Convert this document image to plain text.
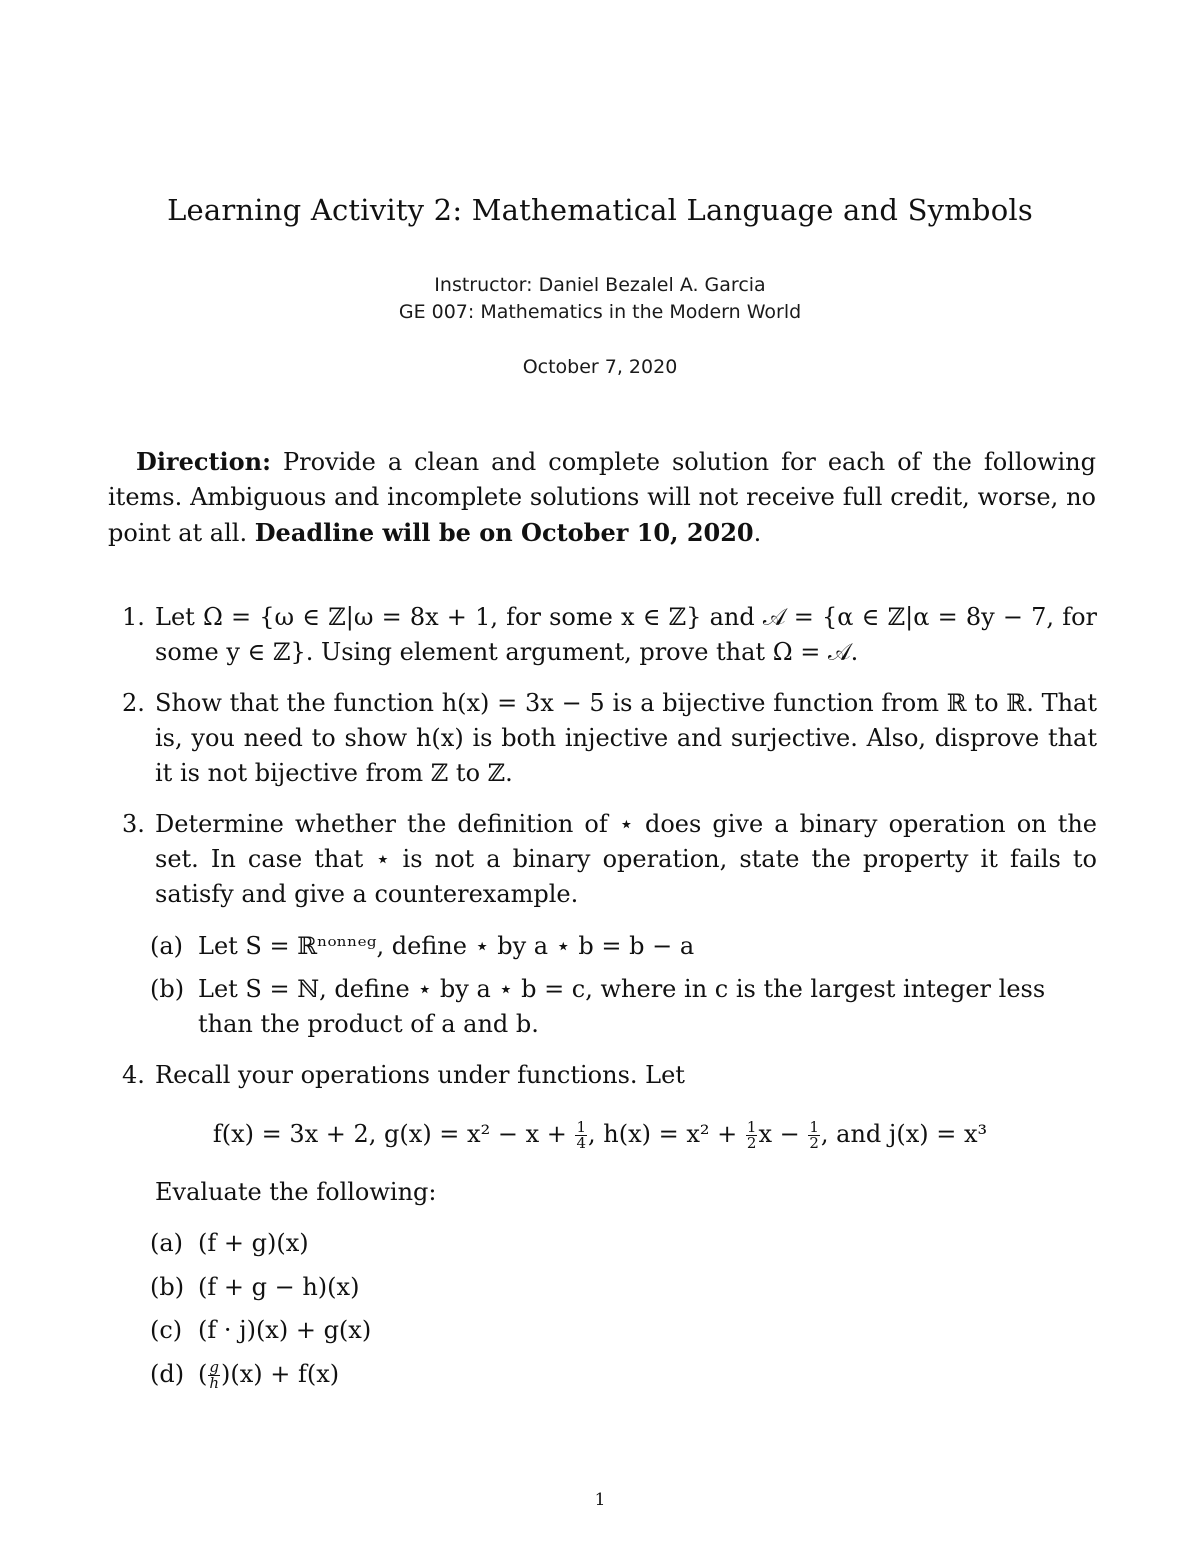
Learning Activity 2: Mathematical Language and Symbols
Instructor: Daniel Bezalel A. Garcia
GE 007: Mathematics in the Modern World
October 7, 2020
Direction: Provide a clean and complete solution for each of the following items. Ambiguous and incomplete solutions will not receive full credit, worse, no point at all. Deadline will be on October 10, 2020.
1. Let Ω = {ω ∈ ℤ|ω = 8x + 1, for some x ∈ ℤ} and 𝒜 = {α ∈ ℤ|α = 8y − 7, for some y ∈ ℤ}. Using element argument, prove that Ω = 𝒜.
2. Show that the function h(x) = 3x − 5 is a bijective function from ℝ to ℝ. That is, you need to show h(x) is both injective and surjective. Also, disprove that it is not bijective from ℤ to ℤ.
3. Determine whether the definition of ⋆ does give a binary operation on the set. In case that ⋆ is not a binary operation, state the property it fails to satisfy and give a counterexample.
(a) Let S = ℝⁿᵒⁿⁿᵉᵍ, define ⋆ by a ⋆ b = b − a
(b) Let S = ℕ, define ⋆ by a ⋆ b = c, where in c is the largest integer less than the product of a and b.
4. Recall your operations under functions. Let
f(x) = 3x + 2, $g(x) = x^2 - x + \frac{1}{4}$ , $h(x) = x^2 + \frac{1}{2}$ $x - \frac{1}{2}$ , and j(x) = x³
Evaluate the following:
(a) (f + g)(x)
(b) (f + g − h)(x)
(c) (f · j)(x) + g(x)
(d) ( $\frac{g}{h} )(x) + f(x)$
1
